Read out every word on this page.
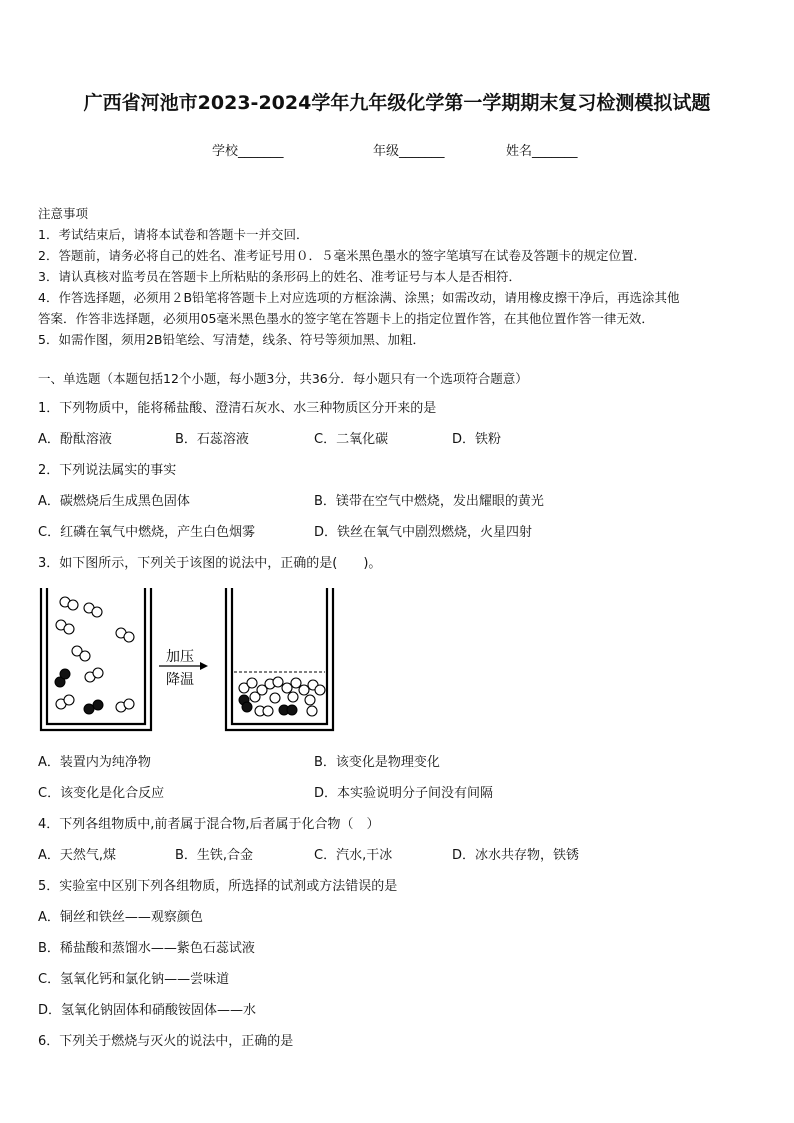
广西省河池市2023-2024学年九年级化学第一学期期末复习检测模拟试题
学校_______	年级_______	姓名_______
注意事项
1．考试结束后，请将本试卷和答题卡一并交回．
2．答题前，请务必将自己的姓名、准考证号用０．５毫米黑色墨水的签字笔填写在试卷及答题卡的规定位置．
3．请认真核对监考员在答题卡上所粘贴的条形码上的姓名、准考证号与本人是否相符．
4．作答选择题，必须用２B铅笔将答题卡上对应选项的方框涂满、涂黑；如需改动，请用橡皮擦干净后，再选涂其他
答案．作答非选择题，必须用05毫米黑色墨水的签字笔在答题卡上的指定位置作答，在其他位置作答一律无效．
5．如需作图，须用2B铅笔绘、写清楚，线条、符号等须加黑、加粗．
一、单选题（本题包括12个小题，每小题3分，共36分．每小题只有一个选项符合题意）
1．下列物质中，能将稀盐酸、澄清石灰水、水三种物质区分开来的是
A．酚酞溶液	B．石蕊溶液	C．二氧化碳	D．铁粉
2．下列说法属实的事实
A．碳燃烧后生成黑色固体	B．镁带在空气中燃烧，发出耀眼的黄光
C．红磷在氧气中燃烧，产生白色烟雾	D．铁丝在氧气中剧烈燃烧，火星四射
3．如下图所示，下列关于该图的说法中，正确的是(　　)。
加压
降温
A．装置内为纯净物	B．该变化是物理变化
C．该变化是化合反应	D．本实验说明分子间没有间隔
4．下列各组物质中,前者属于混合物,后者属于化合物（　）
A．天然气,煤	B．生铁,合金	C．汽水,干冰	D．冰水共存物，铁锈
5．实验室中区别下列各组物质，所选择的试剂或方法错误的是
A．铜丝和铁丝——观察颜色
B．稀盐酸和蒸馏水——紫色石蕊试液
C．氢氧化钙和氯化钠——尝味道
D．氢氧化钠固体和硝酸铵固体——水
6．下列关于燃烧与灭火的说法中，正确的是
